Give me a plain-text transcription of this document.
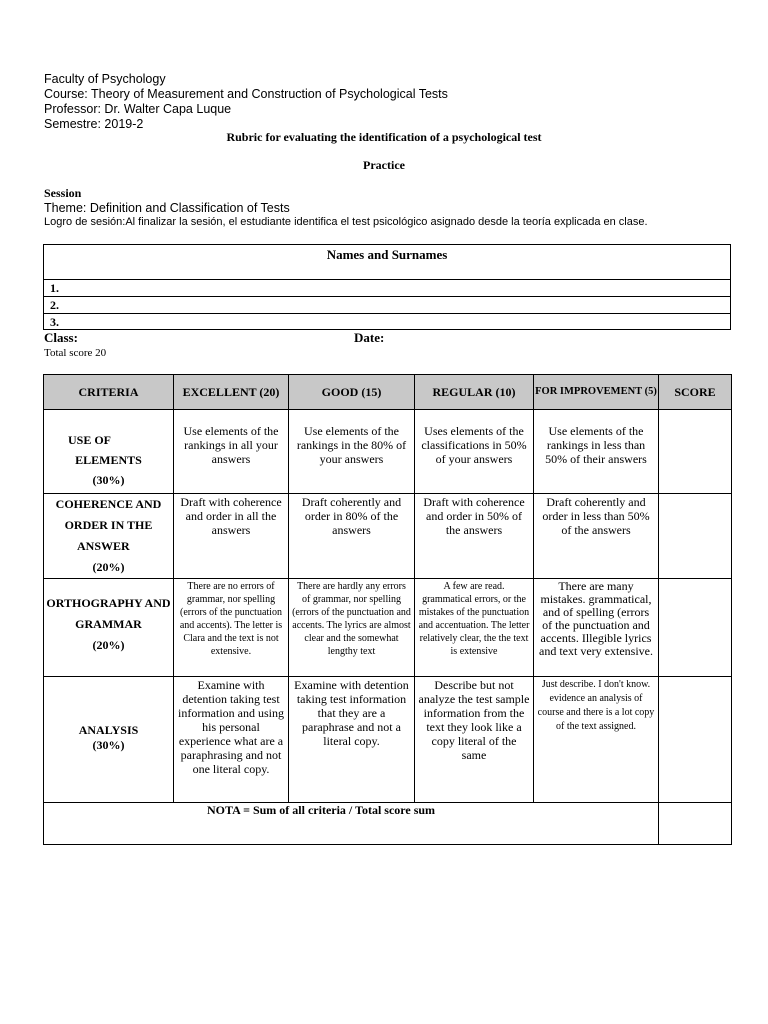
Faculty of Psychology
Course: Theory of Measurement and Construction of Psychological Tests
Professor: Dr. Walter Capa Luque
Semestre: 2019-2
Rubric for evaluating the identification of a psychological test
Practice
Session
Theme: Definition and Classification of Tests
Logro de sesión:Al finalizar la sesión, el estudiante identifica el test psicológico asignado desde la teoría explicada en clase.
Names and Surnames
1.
2.
3.
Class:	Date:
Total score 20
CRITERIA	EXCELLENT (20)	GOOD (15)	REGULAR (10)	FOR IMPROVEMENT (5)	SCORE

USE OF
ELEMENTS
(30%)	Use elements of the rankings in all your answers	Use elements of the rankings in the 80% of your answers	Uses elements of the classifications in 50% of your answers	Use elements of the rankings in less than 50% of their answers	

COHERENCE AND
ORDER IN THE
ANSWER
(20%)	Draft with coherence and order in all the answers	Draft coherently and order in 80% of the answers	Draft with coherence and order in 50% of the answers	Draft coherently and order in less than 50% of the answers	

ORTHOGRAPHY AND
GRAMMAR
(20%)	There are no errors of grammar, nor spelling (errors of the punctuation and accents). The letter is Clara and the text is not extensive.	There are hardly any errors of grammar, nor spelling (errors of the punctuation and accents. The lyrics are almost clear and the somewhat lengthy text	A few are read. grammatical errors, or the mistakes of the punctuation and accentuation. The letter relatively clear, the the text is extensive	There are many mistakes. grammatical, and of spelling (errors of the punctuation and accents. Illegible lyrics and text very extensive.	

ANALYSIS
(30%)	Examine with detention taking test information and using his personal experience what are a paraphrasing and not one literal copy.	Examine with detention taking test information that they are a paraphrase and not a literal copy.	Describe but not analyze the test sample information from the text they look like a copy literal of the same	Just describe. I don't know. evidence an analysis of course and there is a lot copy of the text assigned.	

NOTA = Sum of all criteria / Total score sum					
